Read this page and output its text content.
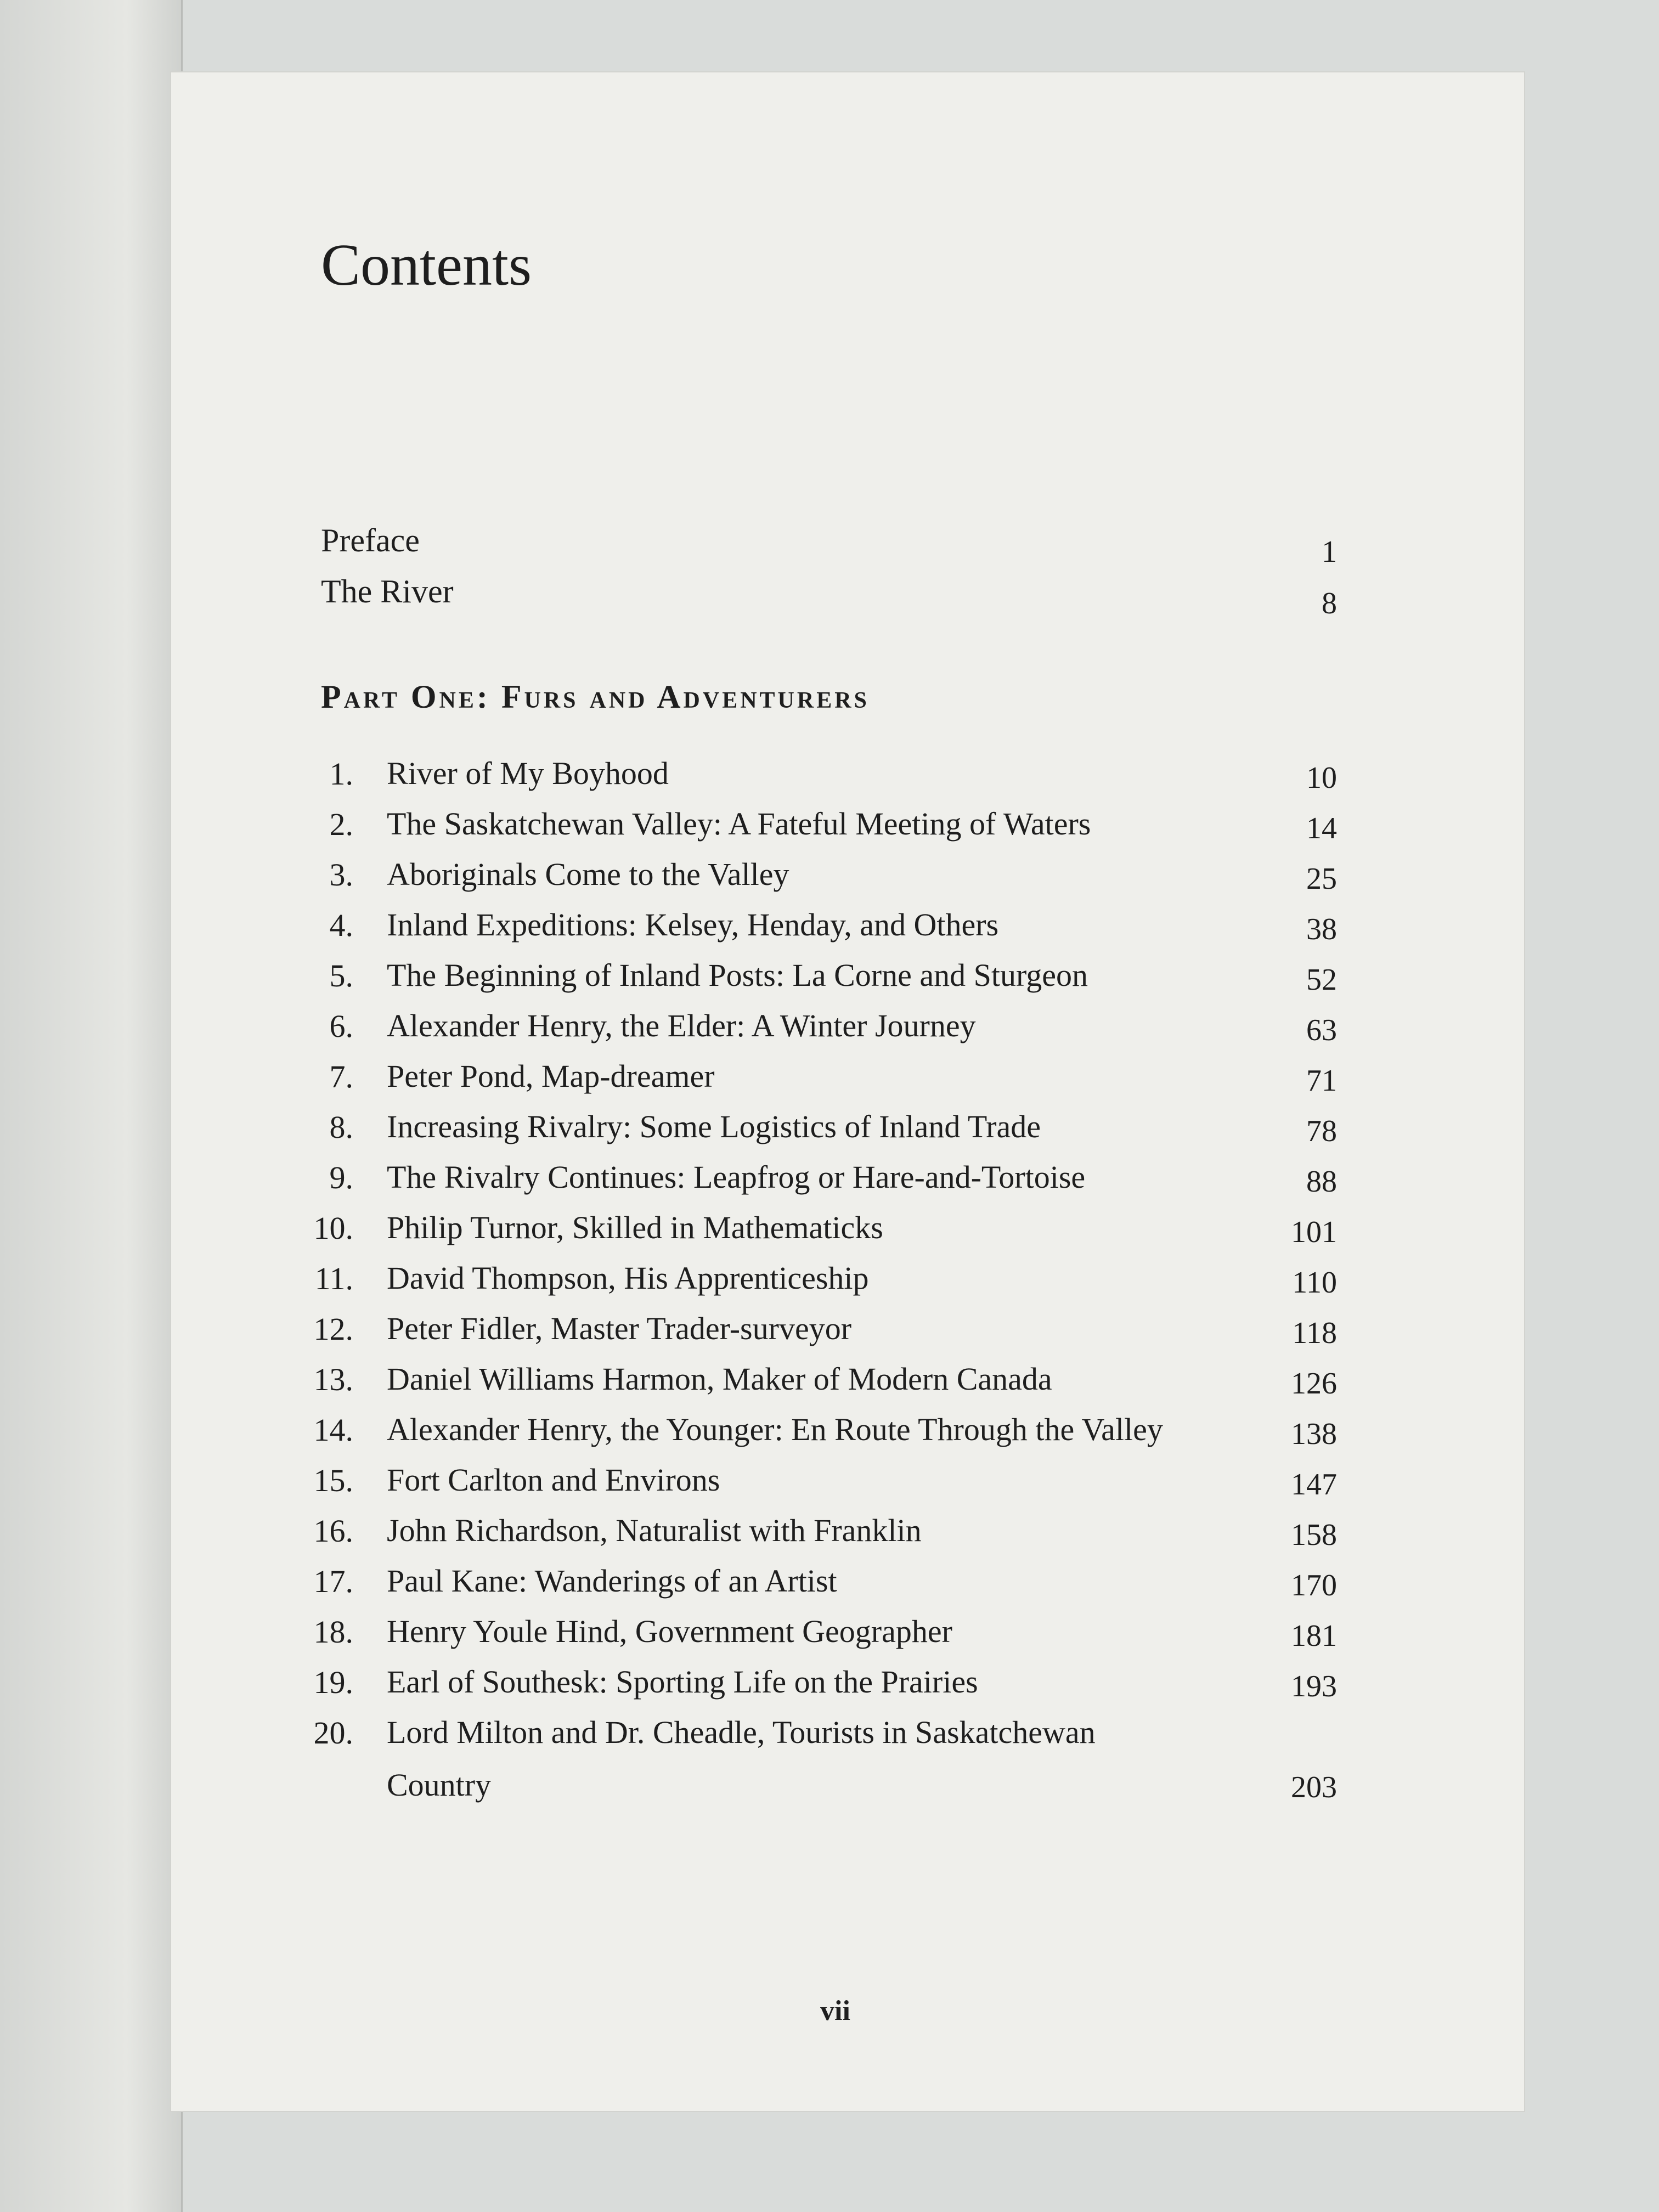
Contents
Preface	1
The River	8
Part One: Furs and Adventurers
1. River of My Boyhood	10
2. The Saskatchewan Valley: A Fateful Meeting of Waters	14
3. Aboriginals Come to the Valley	25
4. Inland Expeditions: Kelsey, Henday, and Others	38
5. The Beginning of Inland Posts: La Corne and Sturgeon	52
6. Alexander Henry, the Elder: A Winter Journey	63
7. Peter Pond, Map-dreamer	71
8. Increasing Rivalry: Some Logistics of Inland Trade	78
9. The Rivalry Continues: Leapfrog or Hare-and-Tortoise	88
10. Philip Turnor, Skilled in Mathematicks	101
11. David Thompson, His Apprenticeship	110
12. Peter Fidler, Master Trader-surveyor	118
13. Daniel Williams Harmon, Maker of Modern Canada	126
14. Alexander Henry, the Younger: En Route Through the Valley	138
15. Fort Carlton and Environs	147
16. John Richardson, Naturalist with Franklin	158
17. Paul Kane: Wanderings of an Artist	170
18. Henry Youle Hind, Government Geographer	181
19. Earl of Southesk: Sporting Life on the Prairies	193
20. Lord Milton and Dr. Cheadle, Tourists in Saskatchewan Country	203
vii
